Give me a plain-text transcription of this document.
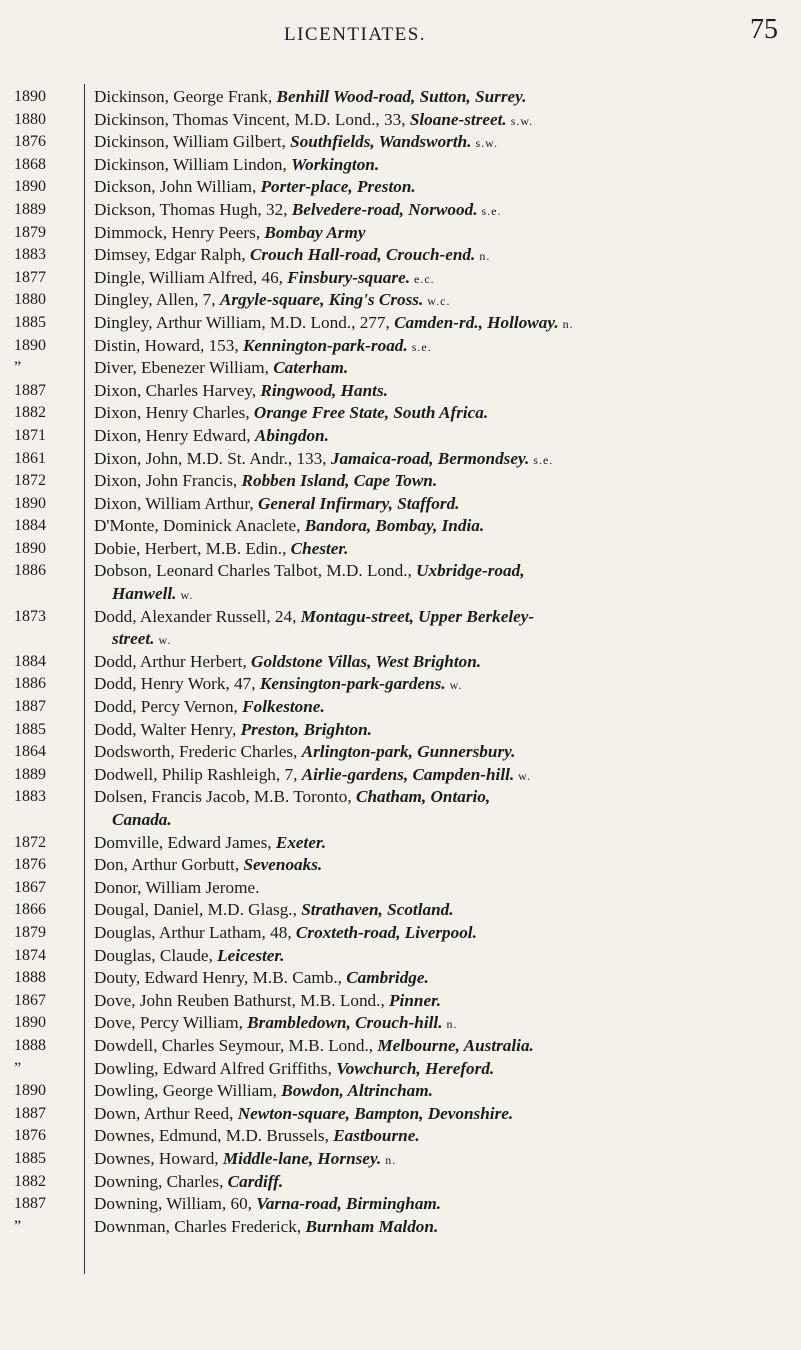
LICENTIATES.	75
1890	Dickinson, George Frank, Benhill Wood-road, Sutton, Surrey.
1880	Dickinson, Thomas Vincent, M.D. Lond., 33, Sloane-street. s.w.
1876	Dickinson, William Gilbert, Southfields, Wandsworth. s.w.
1868	Dickinson, William Lindon, Workington.
1890	Dickson, John William, Porter-place, Preston.
1889	Dickson, Thomas Hugh, 32, Belvedere-road, Norwood. s.e.
1879	Dimmock, Henry Peers, Bombay Army
1883	Dimsey, Edgar Ralph, Crouch Hall-road, Crouch-end. n.
1877	Dingle, William Alfred, 46, Finsbury-square. e.c.
1880	Dingley, Allen, 7, Argyle-square, King's Cross. w.c.
1885	Dingley, Arthur William, M.D. Lond., 277, Camden-rd., Holloway. n.
1890	Distin, Howard, 153, Kennington-park-road. s.e.
”	Diver, Ebenezer William, Caterham.
1887	Dixon, Charles Harvey, Ringwood, Hants.
1882	Dixon, Henry Charles, Orange Free State, South Africa.
1871	Dixon, Henry Edward, Abingdon.
1861	Dixon, John, M.D. St. Andr., 133, Jamaica-road, Bermondsey. s.e.
1872	Dixon, John Francis, Robben Island, Cape Town.
1890	Dixon, William Arthur, General Infirmary, Stafford.
1884	D'Monte, Dominick Anaclete, Bandora, Bombay, India.
1890	Dobie, Herbert, M.B. Edin., Chester.
1886	Dobson, Leonard Charles Talbot, M.D. Lond., Uxbridge-road,
Hanwell. w.
1873	Dodd, Alexander Russell, 24, Montagu-street, Upper Berkeley-
street. w.
1884	Dodd, Arthur Herbert, Goldstone Villas, West Brighton.
1886	Dodd, Henry Work, 47, Kensington-park-gardens. w.
1887	Dodd, Percy Vernon, Folkestone.
1885	Dodd, Walter Henry, Preston, Brighton.
1864	Dodsworth, Frederic Charles, Arlington-park, Gunnersbury.
1889	Dodwell, Philip Rashleigh, 7, Airlie-gardens, Campden-hill. w.
1883	Dolsen, Francis Jacob, M.B. Toronto, Chatham, Ontario,
Canada.
1872	Domville, Edward James, Exeter.
1876	Don, Arthur Gorbutt, Sevenoaks.
1867	Donor, William Jerome.
1866	Dougal, Daniel, M.D. Glasg., Strathaven, Scotland.
1879	Douglas, Arthur Latham, 48, Croxteth-road, Liverpool.
1874	Douglas, Claude, Leicester.
1888	Douty, Edward Henry, M.B. Camb., Cambridge.
1867	Dove, John Reuben Bathurst, M.B. Lond., Pinner.
1890	Dove, Percy William, Brambledown, Crouch-hill. n.
1888	Dowdell, Charles Seymour, M.B. Lond., Melbourne, Australia.
”	Dowling, Edward Alfred Griffiths, Vowchurch, Hereford.
1890	Dowling, George William, Bowdon, Altrincham.
1887	Down, Arthur Reed, Newton-square, Bampton, Devonshire.
1876	Downes, Edmund, M.D. Brussels, Eastbourne.
1885	Downes, Howard, Middle-lane, Hornsey. n.
1882	Downing, Charles, Cardiff.
1887	Downing, William, 60, Varna-road, Birmingham.
”	Downman, Charles Frederick, Burnham Maldon.
